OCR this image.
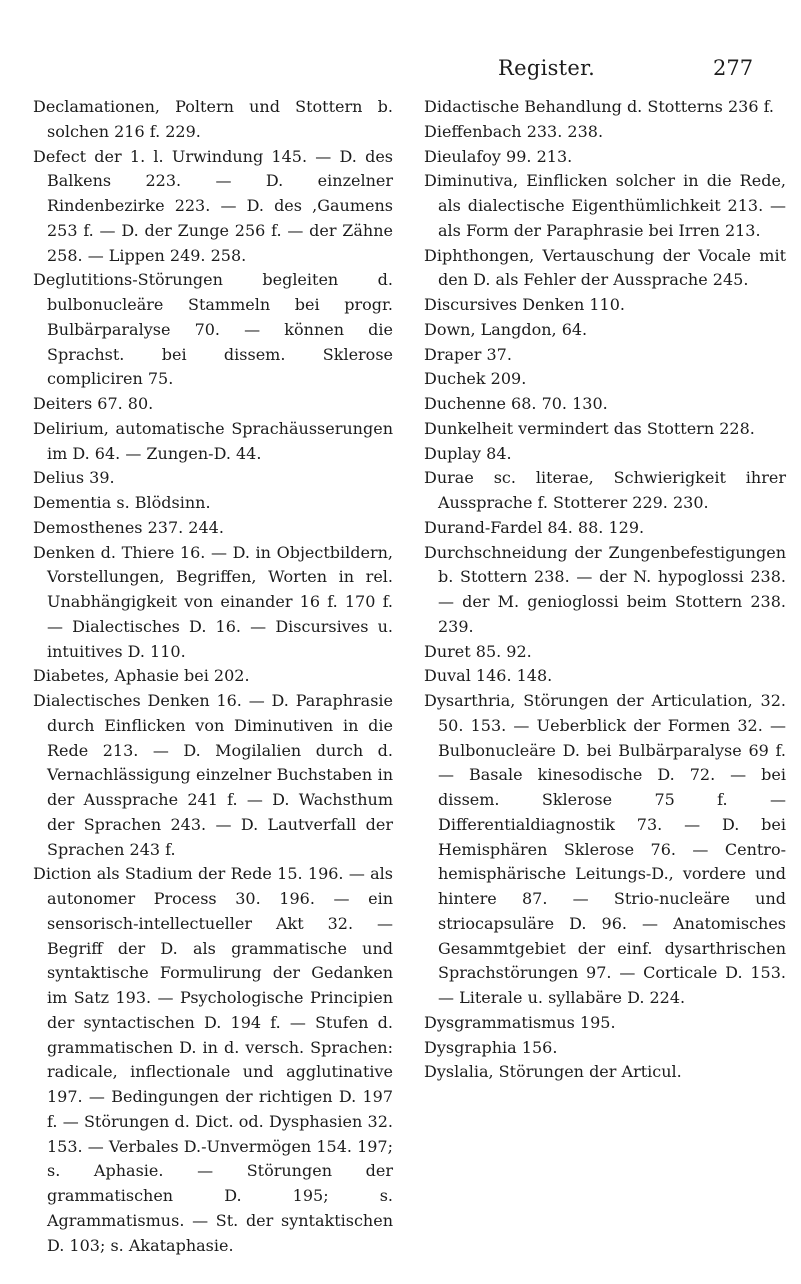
Register.	277

Declamationen, Poltern und Stottern b. solchen 216 f. 229.

Defect der 1. l. Urwindung 145. — D. des Balkens 223. — D. einzelner Rindenbezirke 223. — D. des ,Gaumens 253 f. — D. der Zunge 256 f. — der Zähne 258. — Lippen 249. 258.

Deglutitions-Störungen begleiten d. bulbonucleäre Stammeln bei progr. Bulbärparalyse 70. — können die Sprachst. bei dissem. Sklerose compliciren 75.

Deiters 67. 80.

Delirium, automatische Sprachäusserungen im D. 64. — Zungen-D. 44.

Delius 39.

Dementia s. Blödsinn.

Demosthenes 237. 244.

Denken d. Thiere 16. — D. in Objectbildern, Vorstellungen, Begriffen, Worten in rel. Unabhängigkeit von einander 16 f. 170 f. — Dialectisches D. 16. — Discursives u. intuitives D. 110.

Diabetes, Aphasie bei 202.

Dialectisches Denken 16. — D. Paraphrasie durch Einflicken von Diminutiven in die Rede 213. — D. Mogilalien durch d. Vernachlässigung einzelner Buchstaben in der Aussprache 241 f. — D. Wachsthum der Sprachen 243. — D. Lautverfall der Sprachen 243 f.

Diction als Stadium der Rede 15. 196. — als autonomer Process 30. 196. — ein sensorisch-intellectueller Akt 32. — Begriff der D. als grammatische und syntaktische Formulirung der Gedanken im Satz 193. — Psychologische Principien der syntactischen D. 194 f. — Stufen d. grammatischen D. in d. versch. Sprachen: radicale, inflectionale und agglutinative 197. — Bedingungen der richtigen D. 197 f. — Störungen d. Dict. od. Dysphasien 32. 153. — Verbales D.-Unvermögen 154. 197; s. Aphasie. — Störungen der grammatischen D. 195; s. Agrammatismus. — St. der syntaktischen D. 103; s. Akataphasie.

Didactische Behandlung d. Stotterns 236 f.

Dieffenbach 233. 238.

Dieulafoy 99. 213.

Diminutiva, Einflicken solcher in die Rede, als dialectische Eigenthümlichkeit 213. — als Form der Paraphrasie bei Irren 213.

Diphthongen, Vertauschung der Vocale mit den D. als Fehler der Aussprache 245.

Discursives Denken 110.

Down, Langdon, 64.

Draper 37.

Duchek 209.

Duchenne 68. 70. 130.

Dunkelheit vermindert das Stottern 228.

Duplay 84.

Durae sc. literae, Schwierigkeit ihrer Aussprache f. Stotterer 229. 230.

Durand-Fardel 84. 88. 129.

Durchschneidung der Zungenbefestigungen b. Stottern 238. — der N. hypoglossi 238. — der M. genioglossi beim Stottern 238. 239.

Duret 85. 92.

Duval 146. 148.

Dysarthria, Störungen der Articulation, 32. 50. 153. — Ueberblick der Formen 32. — Bulbonucleäre D. bei Bulbärparalyse 69 f. — Basale kinesodische D. 72. — bei dissem. Sklerose 75 f. — Differentialdiagnostik 73. — D. bei Hemisphären Sklerose 76. — Centro-hemisphärische Leitungs-D., vordere und hintere 87. — Strio-nucleäre und striocapsuläre D. 96. — Anatomisches Gesammtgebiet der einf. dysarthrischen Sprachstörungen 97. — Corticale D. 153. — Literale u. syllabäre D. 224.

Dysgrammatismus 195.

Dysgraphia 156.

Dyslalia, Störungen der Articul.
